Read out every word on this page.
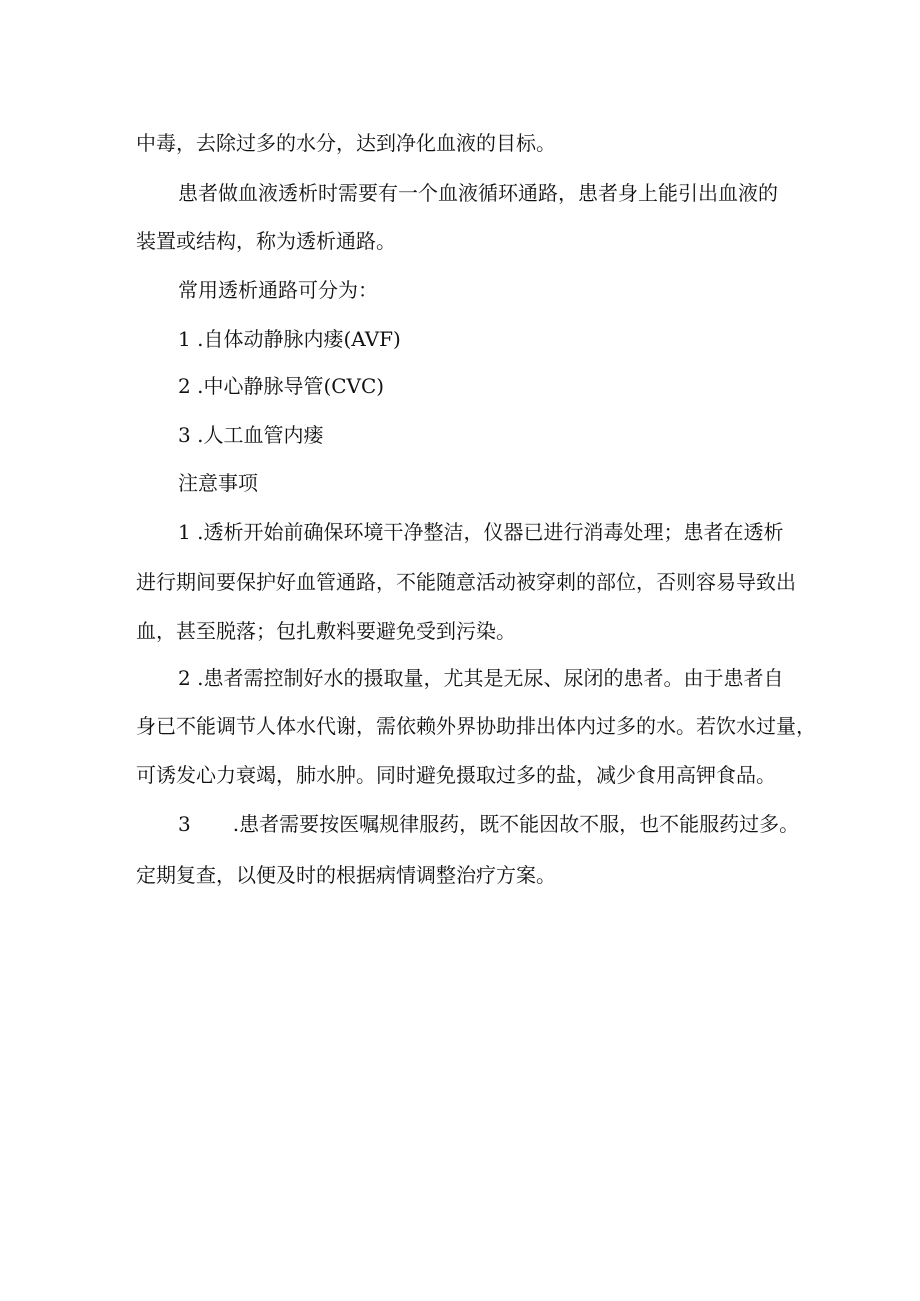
中毒，去除过多的水分，达到净化血液的目标。
患者做血液透析时需要有一个血液循环通路，患者身上能引出血液的
装置或结构，称为透析通路。
常用透析通路可分为：
1 .自体动静脉内瘘(AVF)
2 .中心静脉导管(CVC)
3 .人工血管内瘘
注意事项
1 .透析开始前确保环境干净整洁，仪器已进行消毒处理；患者在透析
进行期间要保护好血管通路，不能随意活动被穿刺的部位，否则容易导致出
血，甚至脱落；包扎敷料要避免受到污染。
2 .患者需控制好水的摄取量，尤其是无尿、尿闭的患者。由于患者自
身已不能调节人体水代谢，需依赖外界协助排出体内过多的水。若饮水过量，
可诱发心力衰竭，肺水肿。同时避免摄取过多的盐，减少食用高钾食品。
3 .患者需要按医嘱规律服药，既不能因故不服，也不能服药过多。
定期复查，以便及时的根据病情调整治疗方案。
